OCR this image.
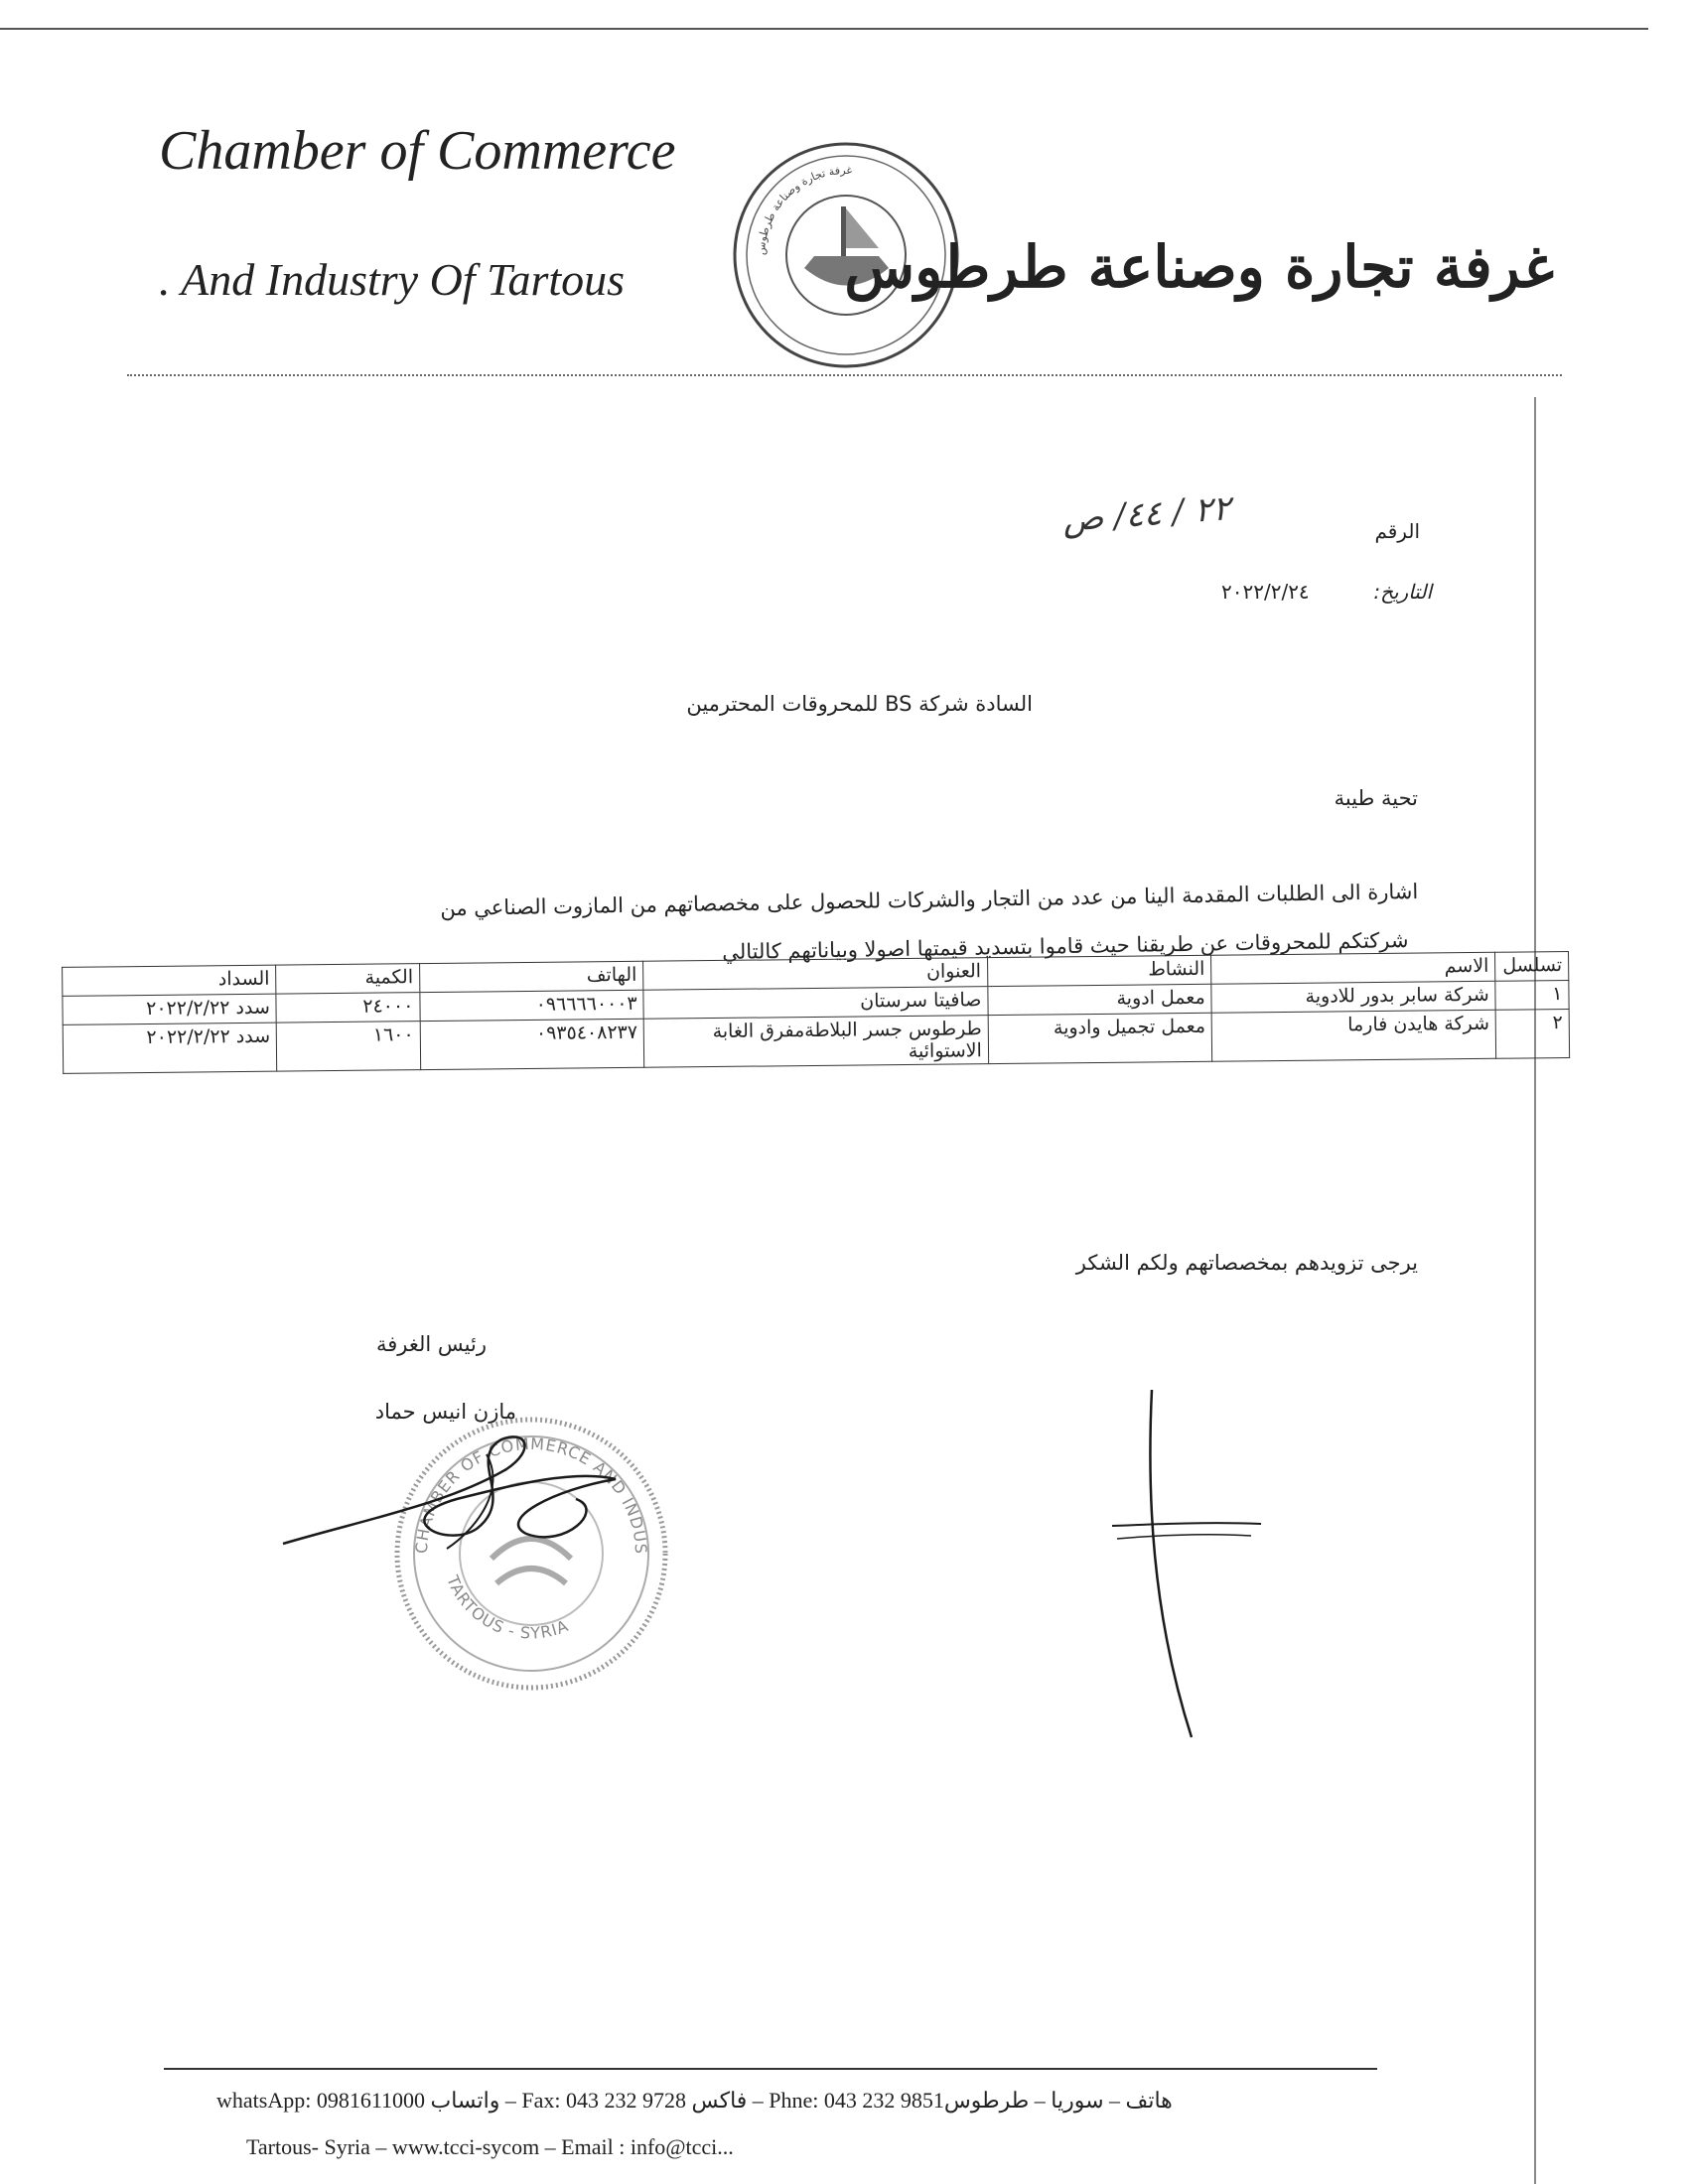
Chamber of Commerce
. And Industry Of Tartous
غرفة تجارة وصناعة طرطوس
غرفة تجارة وصناعة طرطوس
الرقم
٢٢ / ٤٤/ ص
التاريخ:
٢٠٢٢/٢/٢٤
السادة شركة BS للمحروقات المحترمين
تحية طيبة
اشارة الى الطلبات المقدمة الينا من عدد من التجار والشركات للحصول على مخصصاتهم من المازوت الصناعي من
شركتكم للمحروقات عن طريقنا حيث قاموا بتسديد قيمتها اصولا وبياناتهم كالتالي
تسلسل	الاسم	النشاط	العنوان	الهاتف	الكمية	السداد
١	شركة سابر بدور للادوية	معمل ادوية	صافيتا سرستان	٠٩٦٦٦٦٠٠٠٣	٢٤٠٠٠	سدد ٢٠٢٢/٢/٢٢
٢	شركة هايدن فارما	معمل تجميل وادوية	طرطوس جسر البلاطةمفرق الغابة الاستوائية	٠٩٣٥٤٠٨٢٣٧	١٦٠٠	سدد ٢٠٢٢/٢/٢٢
يرجى تزويدهم بمخصصاتهم ولكم الشكر
رئيس الغرفة
مازن انيس حماد
CHAMBER OF COMMERCE AND INDUS
TARTOUS - SYRIA
whatsApp: 0981611000 واتساب – Fax: 043 232 9728 فاكس – Phne: 043 232 9851هاتف – سوريا – طرطوس
Tartous- Syria – www.tcci-sycom – Email : info@tcci...
